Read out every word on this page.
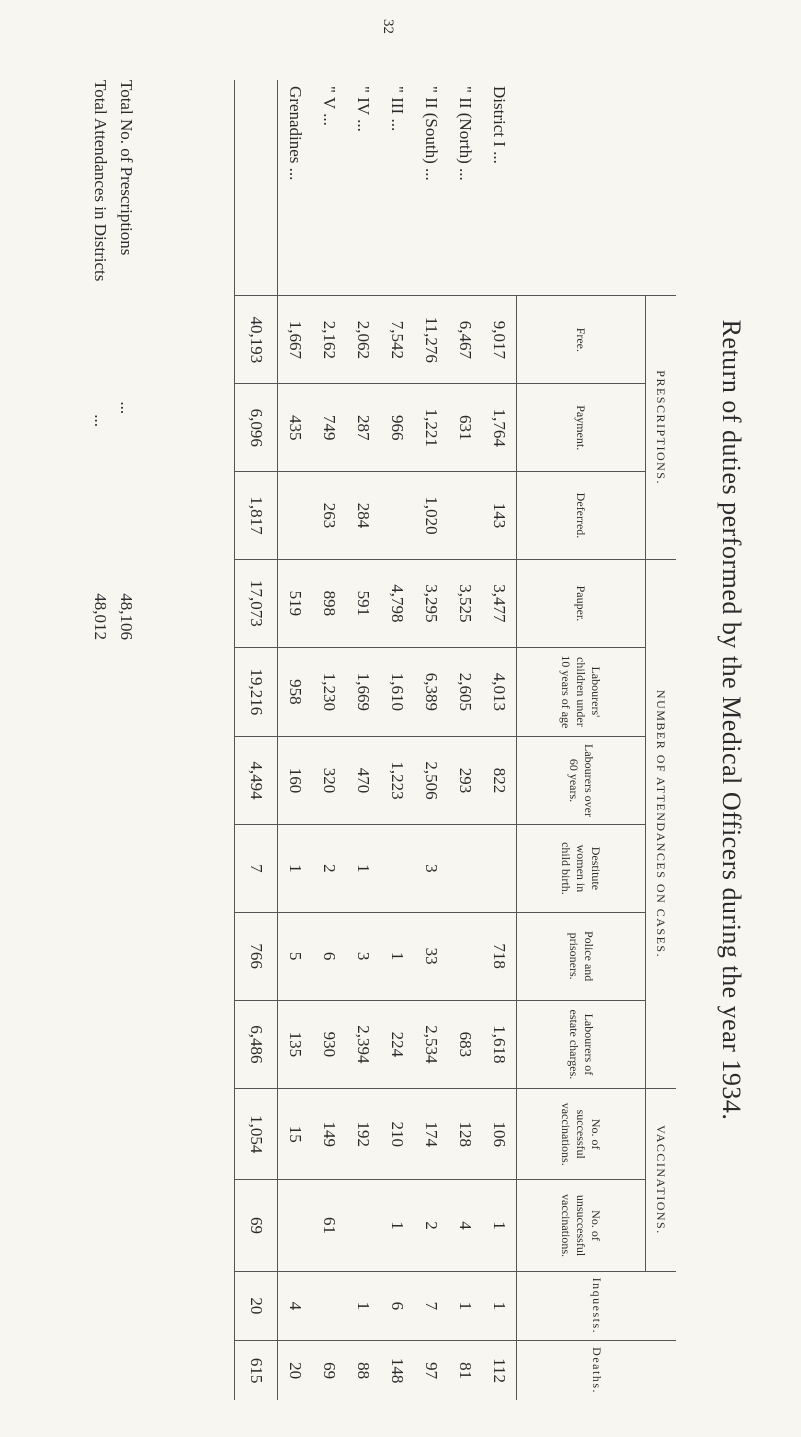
32
Return of duties performed by the Medical Officers during the year 1934.
	PRESCRIPTIONS.			NUMBER OF ATTENDANCES ON CASES.						VACCINATIONS.		Inquests.	Deaths.
	Free.	Payment.	Deferred.	Pauper.	Labourers' children under 10 years of age	Labourers over 60 years.	Destitute women in child birth.	Police and prisoners.	Labourers of estate charges.	No. of successful vaccinations.	No. of unsuccessful vaccinations.		
District I ...	9,017	1,764	143	3,477	4,013	822		718	1,618	106	1	1	112
" II (North) ...	6,467	631		3,525	2,605	293			683	128	4	1	81
" II (South) ...	11,276	1,221	1,020	3,295	6,389	2,506	3	33	2,534	174	2	7	97
" III ...	7,542	966		4,798	1,610	1,223		1	224	210	1	6	148
" IV ...	2,062	287	284	591	1,669	470	1	3	2,394	192		1	88
" V ...	2,162	749	263	898	1,230	320	2	6	930	149	61		69
Grenadines ...	1,667	435		519	958	160	1	5	135	15		4	20
	40,193	6,096	1,817	17,073	19,216	4,494	7	766	6,486	1,054	69	20	615
Total No. of Prescriptions
...
48,106
Total Attendances in Districts
...
48,012
